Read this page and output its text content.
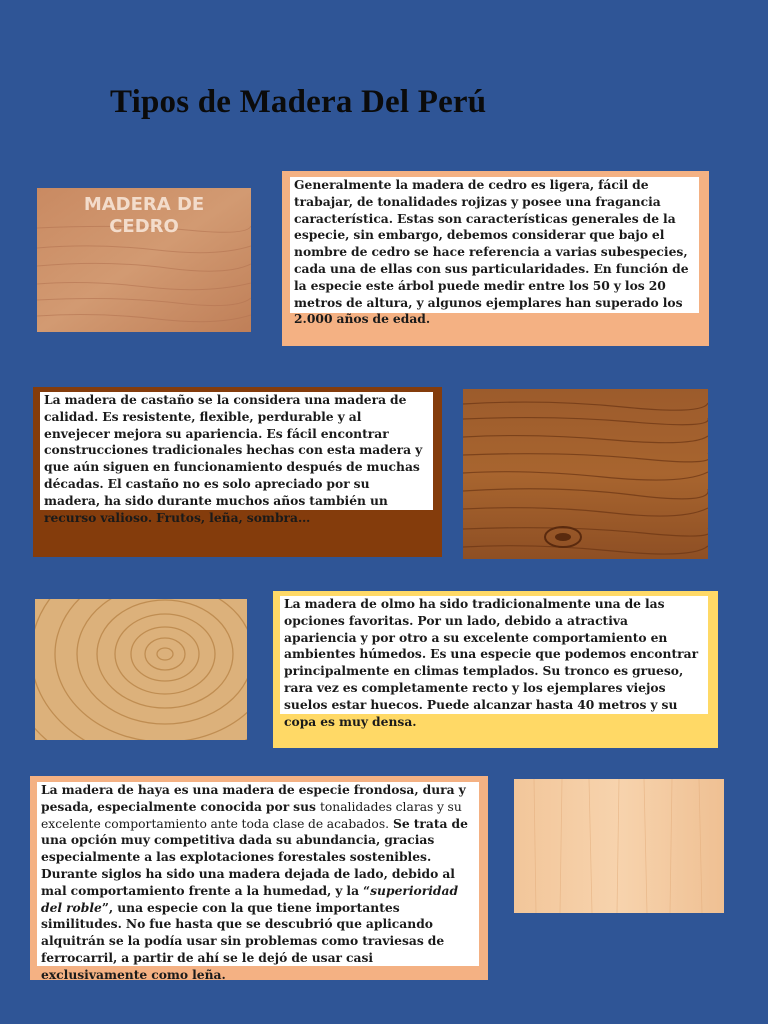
Tipos de Madera Del Perú
MADERA DE
CEDRO
Generalmente la madera de cedro es ligera, fácil de trabajar, de tonalidades rojizas y posee una fragancia característica. Estas son características generales de la especie, sin embargo, debemos considerar que bajo el nombre de cedro se hace referencia a varias subespecies, cada una de ellas con sus particularidades. En función de la especie este árbol puede medir entre los 50 y los 20 metros de altura, y algunos ejemplares han superado los 2.000 años de edad.
La madera de castaño se la considera una madera de calidad. Es resistente, flexible, perdurable y al envejecer mejora su apariencia. Es fácil encontrar construcciones tradicionales hechas con esta madera y que aún siguen en funcionamiento después de muchas décadas. El castaño no es solo apreciado por su madera, ha sido durante muchos años también un recurso valioso. Frutos, leña, sombra…
La madera de olmo ha sido tradicionalmente una de las opciones favoritas. Por un lado, debido a atractiva apariencia y por otro a su excelente comportamiento en ambientes húmedos. Es una especie que podemos encontrar principalmente en climas templados. Su tronco es grueso, rara vez es completamente recto y los ejemplares viejos suelos estar huecos. Puede alcanzar hasta 40 metros y su copa es muy densa.
La madera de haya es una madera de especie frondosa, dura y pesada, especialmente conocida por sus tonalidades claras y su excelente comportamiento ante toda clase de acabados. Se trata de una opción muy competitiva dada su abundancia, gracias especialmente a las explotaciones forestales sostenibles. Durante siglos ha sido una madera dejada de lado, debido al mal comportamiento frente a la humedad, y la “superioridad del roble”, una especie con la que tiene importantes similitudes. No fue hasta que se descubrió que aplicando alquitrán se la podía usar sin problemas como traviesas de ferrocarril, a partir de ahí se le dejó de usar casi exclusivamente como leña.
